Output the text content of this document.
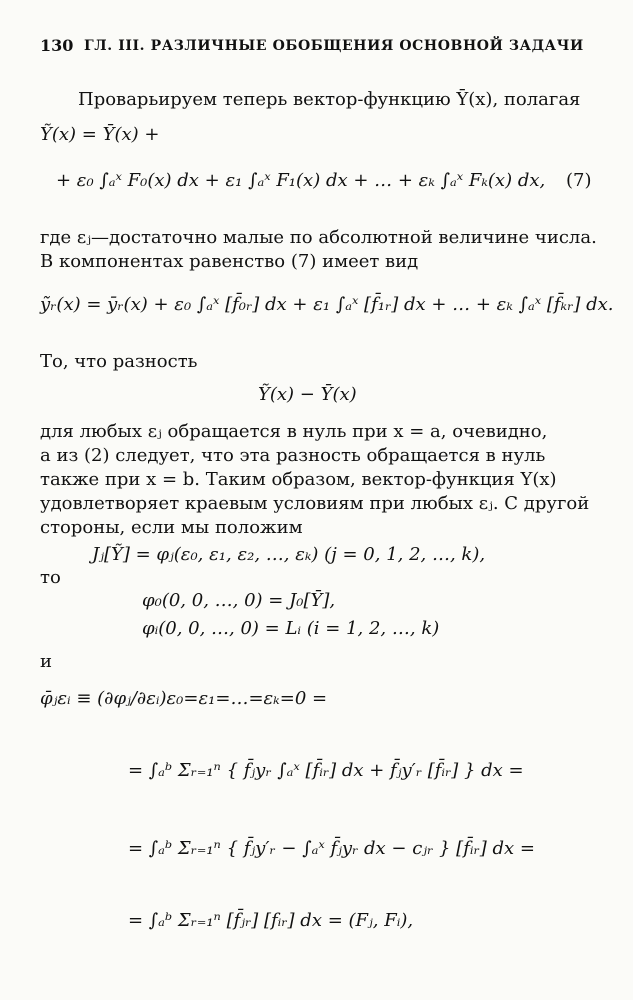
130 ГЛ. III. РАЗЛИЧНЫЕ ОБОБЩЕНИЯ ОСНОВНОЙ ЗАДАЧИ
Проварьируем теперь вектор-функцию Ȳ(x), полагая
Ỹ(x) = Ȳ(x) +
+ ε₀ ∫ₐˣ F₀(x) dx + ε₁ ∫ₐˣ F₁(x) dx + … + εₖ ∫ₐˣ Fₖ(x) dx, (7)
где εⱼ—достаточно малые по абсолютной величине числа.
В компонентах равенство (7) имеет вид
ỹᵣ(x) = ȳᵣ(x) + ε₀ ∫ₐˣ [f̄₀ᵣ] dx + ε₁ ∫ₐˣ [f̄₁ᵣ] dx + … + εₖ ∫ₐˣ [f̄ₖᵣ] dx.
То, что разность
Ỹ(x) − Ȳ(x)
для любых εⱼ обращается в нуль при x = a, очевидно,
а из (2) следует, что эта разность обращается в нуль
также при x = b. Таким образом, вектор-функция Y(x)
удовлетворяет краевым условиям при любых εⱼ. С другой
стороны, если мы положим
Jⱼ[Ỹ] = φⱼ(ε₀, ε₁, ε₂, …, εₖ) (j = 0, 1, 2, …, k),
то
φ₀(0, 0, …, 0) = J₀[Ȳ],
φᵢ(0, 0, …, 0) = Lᵢ (i = 1, 2, …, k)
и
φ̄ⱼεᵢ ≡ (∂φⱼ/∂εᵢ)ε₀=ε₁=…=εₖ=0 =
= ∫ₐᵇ Σᵣ₌₁ⁿ { f̄ⱼyᵣ ∫ₐˣ [f̄ᵢᵣ] dx + f̄ⱼy′ᵣ [f̄ᵢᵣ] } dx =
= ∫ₐᵇ Σᵣ₌₁ⁿ { f̄ⱼy′ᵣ − ∫ₐˣ f̄ⱼyᵣ dx − cⱼᵣ } [f̄ᵢᵣ] dx =
= ∫ₐᵇ Σᵣ₌₁ⁿ [f̄ⱼᵣ] [fᵢᵣ] dx = (Fⱼ, Fᵢ),
